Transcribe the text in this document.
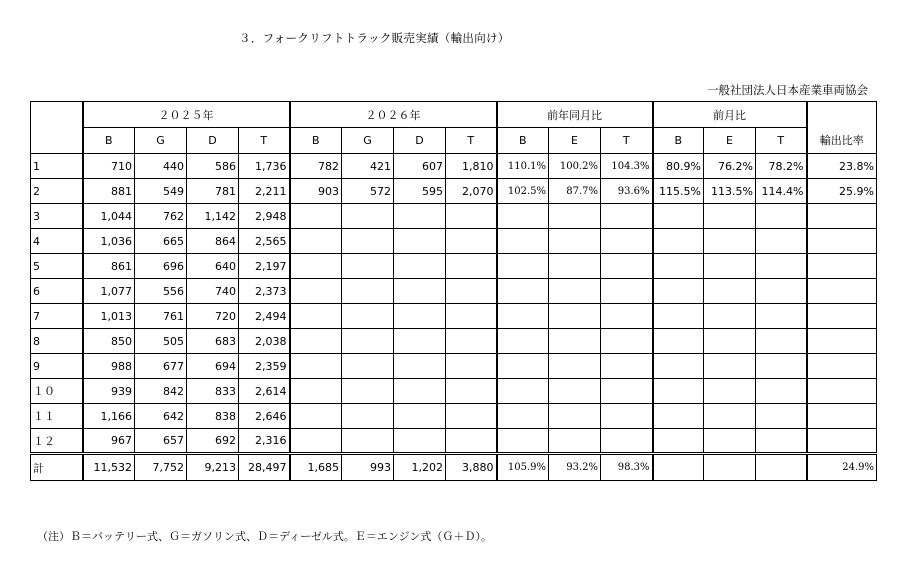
３．フォークリフトトラック販売実績（輸出向け）
一般社団法人日本産業車両協会
	２０２５年				２０２６年				前年同月比			前月比			輸出比率
	B	G	D	T	B	G	D	T	B	E	T	B	E	T	
1	710	440	586	1,736	782	421	607	1,810	110.1%	100.2%	104.3%	80.9%	76.2%	78.2%	23.8%
2	881	549	781	2,211	903	572	595	2,070	102.5%	87.7%	93.6%	115.5%	113.5%	114.4%	25.9%
3	1,044	762	1,142	2,948											
4	1,036	665	864	2,565											
5	861	696	640	2,197											
6	1,077	556	740	2,373											
7	1,013	761	720	2,494											
8	850	505	683	2,038											
9	988	677	694	2,359											
１０	939	842	833	2,614											
１１	1,166	642	838	2,646											
１２	967	657	692	2,316											
計	11,532	7,752	9,213	28,497	1,685	993	1,202	3,880	105.9%	93.2%	98.3%				24.9%
（注）Ｂ＝バッテリー式、Ｇ＝ガソリン式、Ｄ＝ディーゼル式。Ｅ＝エンジン式（Ｇ＋Ｄ）。
